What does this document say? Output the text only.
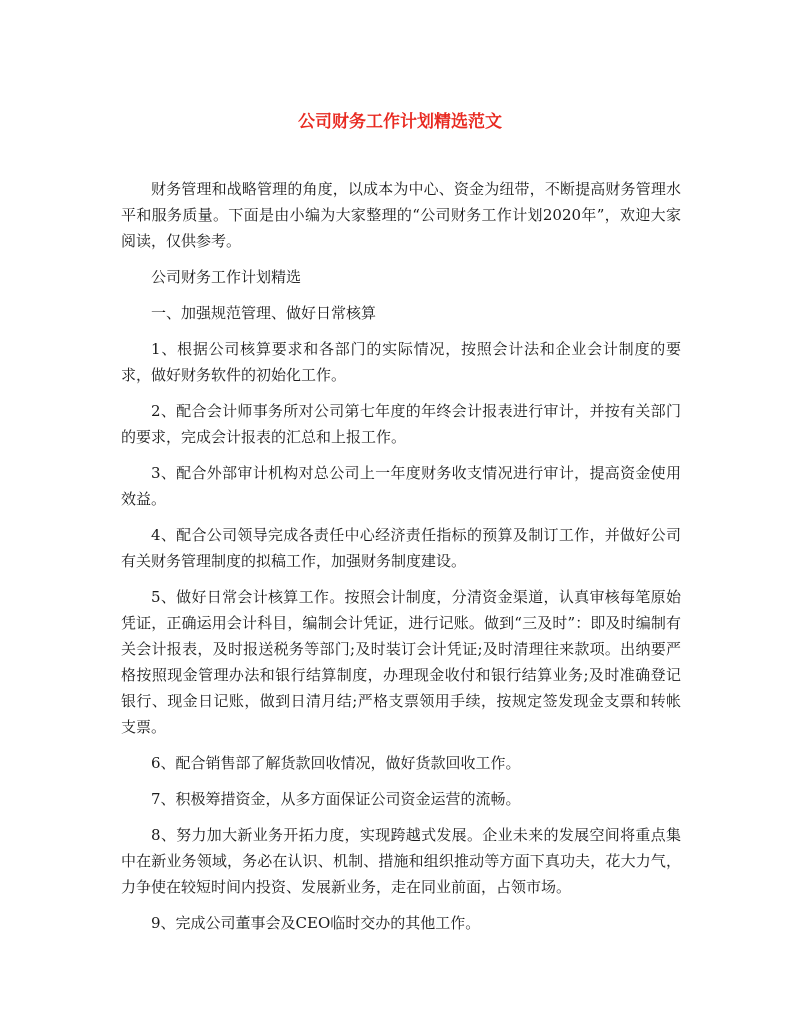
公司财务工作计划精选范文

财务管理和战略管理的角度，以成本为中心、资金为纽带，不断提高财务管理水平和服务质量。下面是由小编为大家整理的“公司财务工作计划2020年”，欢迎大家阅读，仅供参考。

公司财务工作计划精选

一、加强规范管理、做好日常核算

1、根据公司核算要求和各部门的实际情况，按照会计法和企业会计制度的要求，做好财务软件的初始化工作。

2、配合会计师事务所对公司第七年度的年终会计报表进行审计，并按有关部门的要求，完成会计报表的汇总和上报工作。

3、配合外部审计机构对总公司上一年度财务收支情况进行审计，提高资金使用效益。

4、配合公司领导完成各责任中心经济责任指标的预算及制订工作，并做好公司有关财务管理制度的拟稿工作，加强财务制度建设。

5、做好日常会计核算工作。按照会计制度，分清资金渠道，认真审核每笔原始凭证，正确运用会计科目，编制会计凭证，进行记账。做到“三及时”：即及时编制有关会计报表，及时报送税务等部门;及时装订会计凭证;及时清理往来款项。出纳要严格按照现金管理办法和银行结算制度，办理现金收付和银行结算业务;及时准确登记银行、现金日记账，做到日清月结;严格支票领用手续，按规定签发现金支票和转帐支票。

6、配合销售部了解货款回收情况，做好货款回收工作。

7、积极筹措资金，从多方面保证公司资金运营的流畅。

8、努力加大新业务开拓力度，实现跨越式发展。企业未来的发展空间将重点集中在新业务领域，务必在认识、机制、措施和组织推动等方面下真功夫，花大力气，力争使在较短时间内投资、发展新业务，走在同业前面，占领市场。

9、完成公司董事会及CEO临时交办的其他工作。
